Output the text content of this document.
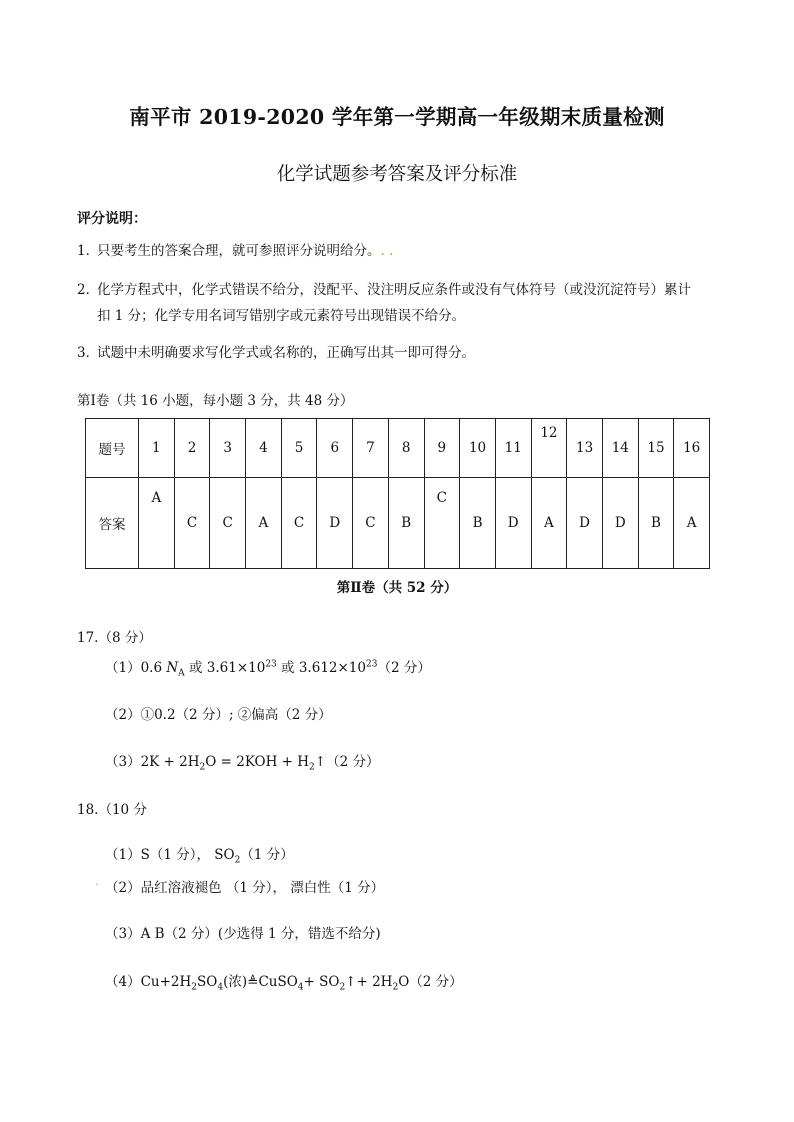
南平市 2019-2020 学年第一学期高一年级期末质量检测
化学试题参考答案及评分标准
评分说明：
1．只要考生的答案合理，就可参照评分说明给分。. .
2．化学方程式中，化学式错误不给分，没配平、没注明反应条件或没有气体符号（或没沉淀符号）累计
扣 1 分；化学专用名词写错别字或元素符号出现错误不给分。
3．试题中未明确要求写化学式或名称的，正确写出其一即可得分。
第Ⅰ卷（共 16 小题，每小题 3 分，共 48 分）
题号	1	2	3	4	5	6	7	8	9	10	11	12	13	14	15	16
答案	A	C	C	A	C	D	C	B	C	B	D	A	D	D	B	A
第Ⅱ卷（共 52 分）
17.（8 分）
（1）0.6 $N_A$ 或 $3.61\times 10^{23}$ 或 $3.612\times 10^{23}(2$ 分）
（2）①0.2（2 分）; ②偏高（2 分）
$(3)2K + 2H_2O = 2KOH$ + $H_2↑(2$ 分）
18.（10 分
（1）S（1 分）， $SO_2(1$ 分）
· （2）品红溶液褪色 （1 分）， 漂白性（1 分）
（3）A B（2 分）(少选得 1 分，错选不给分)
$(4)Cu+2H_2SO_4$(浓)≜CuSO$_4$+ $SO_2↑+ 2H_2O(2$ 分）
